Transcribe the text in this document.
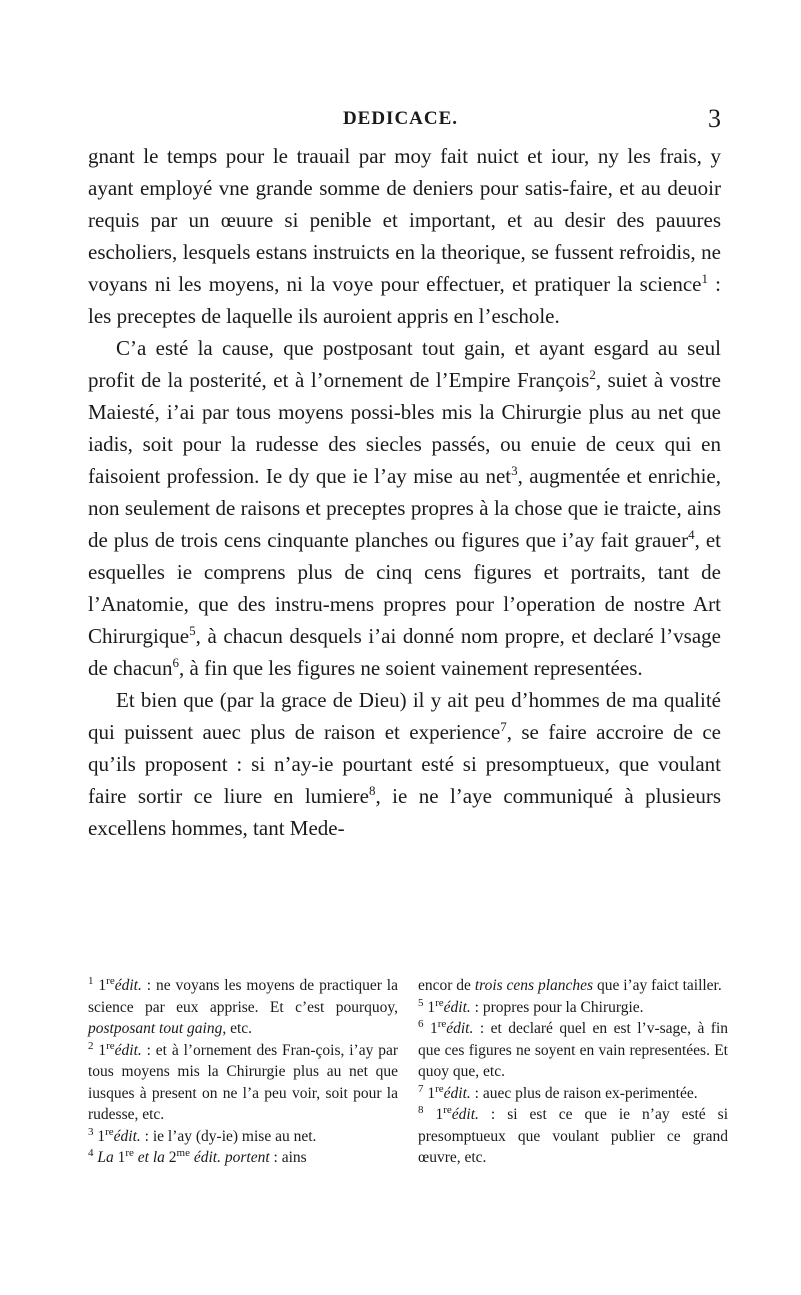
DEDICACE.	3

gnant le temps pour le trauail par moy fait nuict et iour, ny les frais, y ayant employé vne grande somme de deniers pour satis-faire, et au deuoir requis par un œuure si penible et important, et au desir des pauures escholiers, lesquels estans instruicts en la theorique, se fussent refroidis, ne voyans ni les moyens, ni la voye pour effectuer, et pratiquer la science$^1$ : les preceptes de laquelle ils auroient appris en l’eschole.

C’a esté la cause, que postposant tout gain, et ayant esgard au seul profit de la posterité, et à l’ornement de l’Empire François$^2$, suiet à vostre Maiesté, i’ai par tous moyens possi-bles mis la Chirurgie plus au net que iadis, soit pour la rudesse des siecles passés, ou enuie de ceux qui en faisoient profession. Ie dy que ie l’ay mise au net$^3$, augmentée et enrichie, non seulement de raisons et preceptes propres à la chose que ie traicte, ains de plus de trois cens cinquante planches ou figures que i’ay fait grauer$^4$, et esquelles ie comprens plus de cinq cens figures et portraits, tant de l’Anatomie, que des instru-mens propres pour l’operation de nostre Art Chirurgique$^5$, à chacun desquels i’ai donné nom propre, et declaré l’vsage de chacun$^6$, à fin que les figures ne soient vainement representées.

Et bien que (par la grace de Dieu) il y ait peu d’hommes de ma qualité qui puissent auec plus de raison et experience$^7$, se faire accroire de ce qu’ils proposent : si n’ay-ie pourtant esté si presomptueux, que voulant faire sortir ce liure en lumiere$^8$, ie ne l’aye communiqué à plusieurs excellens hommes, tant Mede-

$^1$ 1reédit. : ne voyans les moyens de practiquer la science par eux apprise. Et c’est pourquoy, postposant tout gaing, etc.

$^2$ 1reédit. : et à l’ornement des Fran-çois, i’ay par tous moyens mis la Chirurgie plus au net que iusques à present on ne l’a peu voir, soit pour la rudesse, etc.

$^3$ 1reédit. : ie l’ay (dy-ie) mise au net.

$^4$ La 1re et la $2^{me}$ édit. portent : ains

encor de trois cens planches que i’ay faict tailler.

$^5$ 1reédit. : propres pour la Chirurgie.

$^6$ 1reédit. : et declaré quel en est l’v-sage, à fin que ces figures ne soyent en vain representées. Et quoy que, etc.

$^7$ 1reédit. : auec plus de raison ex-perimentée.

$^8$ 1reédit. : si est ce que ie n’ay esté si presomptueux que voulant publier ce grand œuvre, etc.
